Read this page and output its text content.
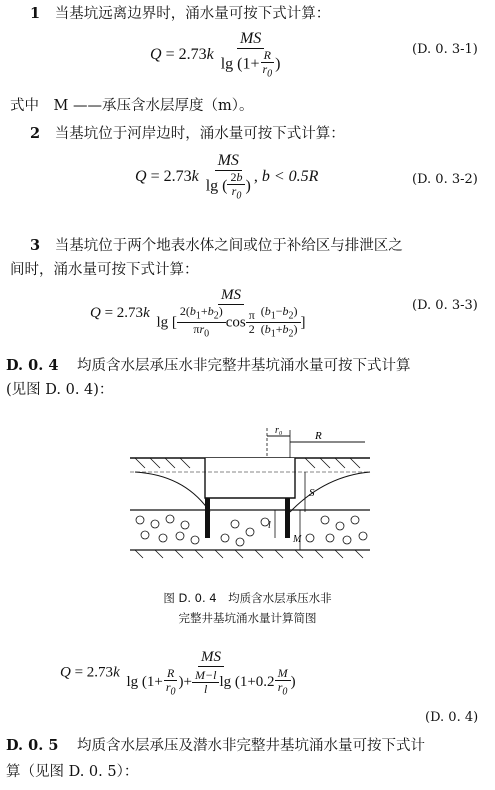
1 当基坑远离边界时，涌水量可按下式计算：
$Q = 2.73k \frac{MS}{\lg (1+ \frac{R}{r_0} )}$	(D. 0. 3-1)
式中　M ——承压含水层厚度（m）。
2 当基坑位于河岸边时，涌水量可按下式计算：
$Q = 2.73k \frac{MS}{\lg ( \frac{2b}{r_0} )}$ , b < 0.5R	(D. 0. 3-2)
3 当基坑位于两个地表水体之间或位于补给区与排泄区之
间时，涌水量可按下式计算：
$Q = 2.73k \frac{MS}{\lg [ \frac{2(b_1+b_2)}{\pi r_0} \cos \frac{\pi}{2} \frac{(b_1-b_2)}{(b_1+b_2)} ]}$	(D. 0. 3-3)
D. 0. 4 均质含水层承压水非完整井基坑涌水量可按下式计算
(见图 D. 0. 4)：
r₀	R
S
M
l
图 D. 0. 4　均质含水层承压水非
完整井基坑涌水量计算简图
$Q = 2.73k \frac{MS}{\lg (1+ \frac{R}{r_0} )+ \frac{M-l}{l} \lg (1+0.2 \frac{M}{r_0} )}$
(D. 0. 4)
D. 0. 5 均质含水层承压及潜水非完整井基坑涌水量可按下式计
算（见图 D. 0. 5）：
